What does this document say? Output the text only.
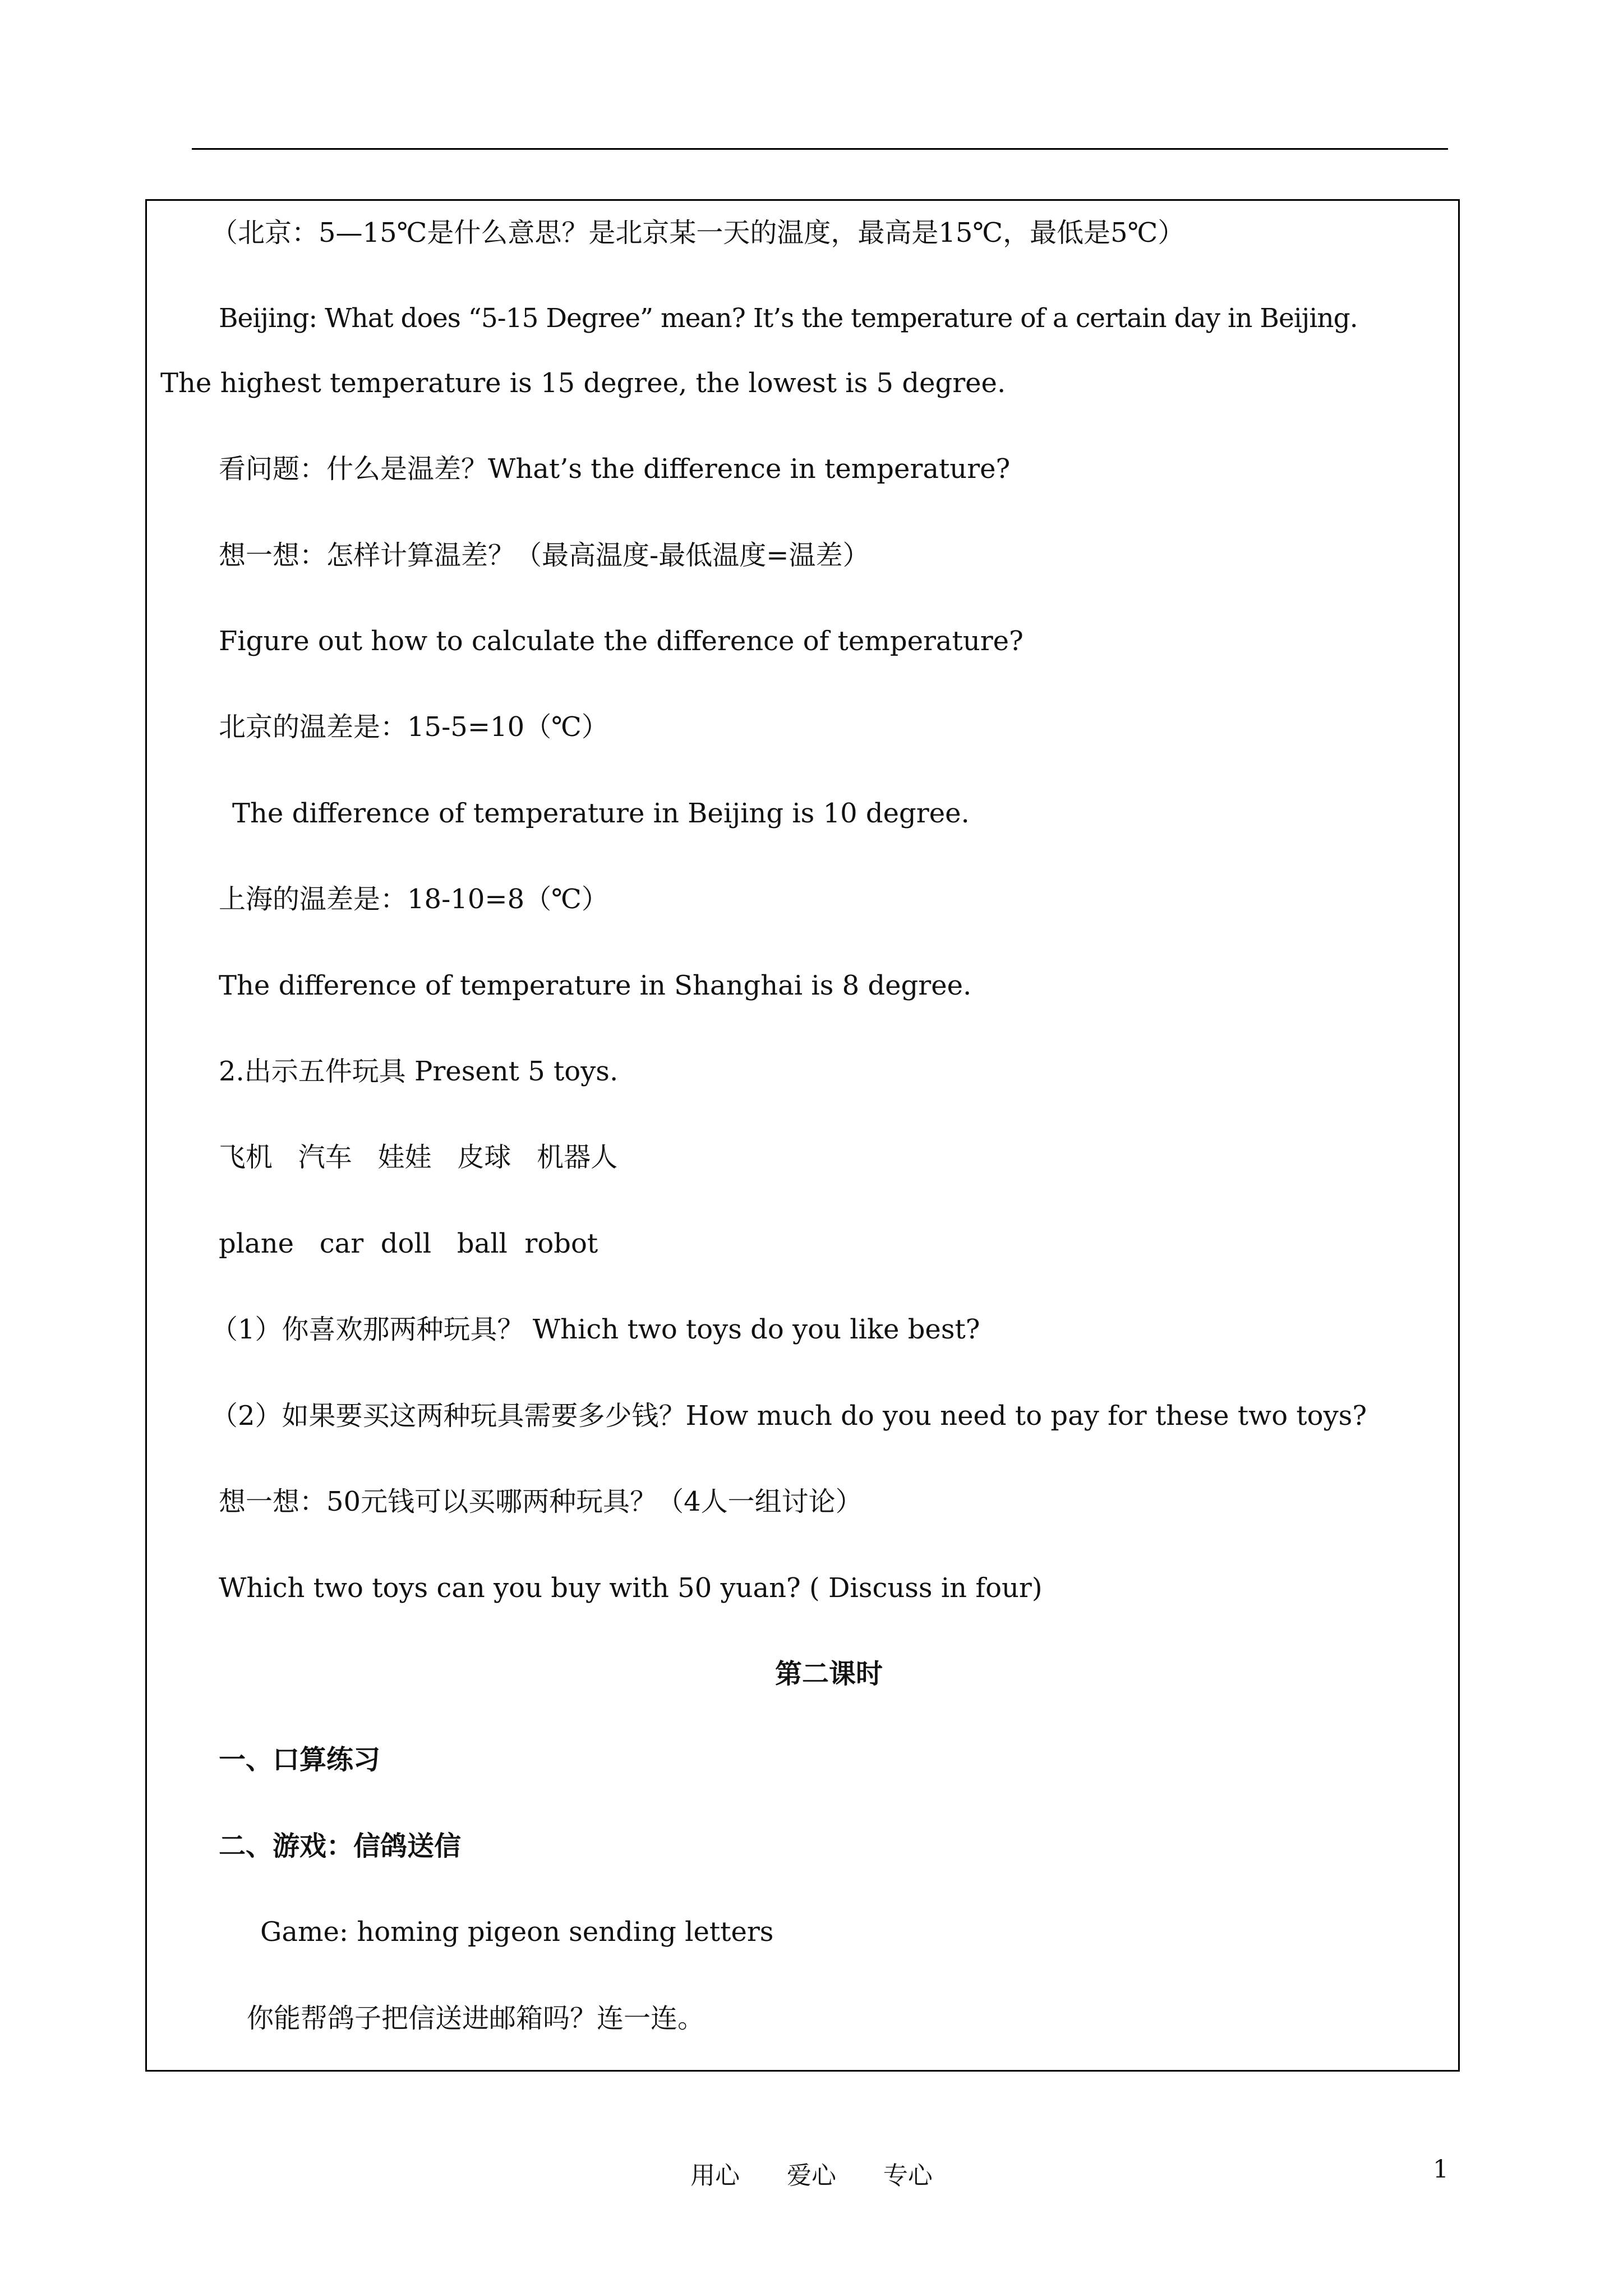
（北京：5—15℃是什么意思？是北京某一天的温度，最高是15℃，最低是5℃）
Beijing: What does “5-15 Degree” mean? It’s the temperature of a certain day in Beijing.
The highest temperature is 15 degree, the lowest is 5 degree.
看问题：什么是温差？What’s the difference in temperature?
想一想：怎样计算温差？（最高温度-最低温度=温差）
Figure out how to calculate the difference of temperature?
北京的温差是：15-5=10（℃）
The difference of temperature in Beijing is 10 degree.
上海的温差是：18-10=8（℃）
The difference of temperature in Shanghai is 8 degree.
2.出示五件玩具 Present 5 toys.
飞机   汽车   娃娃   皮球   机器人
plane   car  doll   ball  robot
（1）你喜欢那两种玩具？ Which two toys do you like best?
（2）如果要买这两种玩具需要多少钱？How much do you need to pay for these two toys?
想一想：50元钱可以买哪两种玩具？（4人一组讨论）
Which two toys can you buy with 50 yuan? ( Discuss in four)
第二课时
一、口算练习
二、游戏：信鸽送信
Game: homing pigeon sending letters
你能帮鸽子把信送进邮箱吗？连一连。
用心      爱心      专心	1
